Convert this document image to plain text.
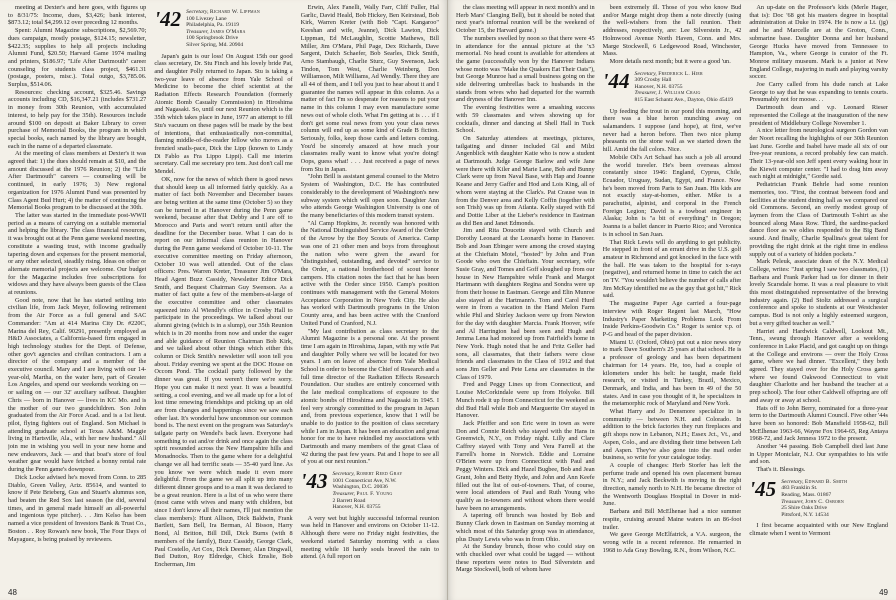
meeting at Dexter's and here goes, with figures up to 8/31/75: Income, dues, $3,426; bank interest, $873.12; total $4,299.12 over preceding 12 months.

Spent: Alumni Magazine subscriptions, $2,569.70; dues campaign, mostly postage, $124.15; newsletter, $422.35; supplies to help all projects including Alumni Fund, $20.50; Harvard Game 1974 mailing and printers, $186.97; "Life After Dartmouth" career counseling for students class project, $461.31 (postage, posters, misc.). Total outgo, $3,785.06. Surplus, $514.06.

Resources: checking account, $325.46. Savings accounts including CD, $16,347.21 (includes $731.27 in money from 30th Reunion, with accumulated interest, to help pay for the 35th). Resources include around $100 on deposit at Baker Library to cover purchase of Memorial Books, the program in which special books, each named by the library are bought, each in the name of a departed classmate.

At the meeting of class members at Dexter's it was agreed that: 1) the dues should remain at $10, and the amount discussed at the 1976 Reunion; 2) the "Life After Dartmouth" careers — counseling will be continued, in early 1976; 3) New regional organization for 1976 Alumni Fund was presented by Class Agent Bud Hurt; 4) the matter of continuing the Memorial Books program to be discussed at the 30th.

The latter was started in the immediate post-WWII period as a means of carrying on a suitable memorial and helping the library. The class financial resources, it was brought out at the Penn game weekend meeting, constitute a wasting trust, with income gradually tapering down and expenses for the present memorial, or any other selected, steadily rising. Ideas on other or alternate memorial projects are welcome. Our budget for the Magazine includes free subscriptions for widows and they have always been guests of the Class at reunions.

Good note, now that he has started settling into civilian life, from Jack Meyer, following retirement from the Air Force as a full general and SAC Commander: "Am at 414 Marina City Dr. #220C, Marina del Rey, Calif. 90291, presently employed as H&D Associates, a California-based firm engaged in high technology studies for the Dept. of Defense, other gov't agencies and civilian contractors. I am a director of the company and a member of the executive council. Mary and I are living with our 14-year-old, Martha, on the water here, part of Greater Los Angeles, and spend our weekends working on — or sailing on — our 32' auxiliary sailboat. Daughter Chris — born in Hanover — lives in KC Mo. and is the mother of our two grandchildren. Son John graduated from the Air Force Acad. and is a 1st lieut. pilot, flying fighters out of England. Son Michael is attending graduate school at Texas A&M. Maggie living in Hartsville, Ala., with her new husband." All join me in wishing you well in your new home and new endeavors, Jack — and that boat's store of foul weather gear would have fetched a bonny rental rate during the Penn game's downpour.

Dick Locke advised he's moved from Conn. to 285 Diablo, Green Valley, Ariz. 85614, and wanted to know if Pete Brieberg, Gus and Stuart's alumnus son, had beaten the Red Sox last season (he did, several times, and in general made himself an all-powerful and ingenious type pitcher). . . Jim Kelso has been named a vice president of Investors Bank & Trust Co., Boston . . Roy Rowan's new book, The Four Days of Mayaguez, is being praised by reviewers.

'42 Secretary, Richard W. Lippman
100 Livezey Lane
Philadelphia, Pa. 19119
Treasurer, James O'Mara
100 Springbrook Drive
Silver Spring, Md. 20904

Japan's gain is our loss! On August 15th our good class secretary, Dr. Stu Finch and his lovely bride Pat, and daughter Polly returned to Japan. Stu is taking a two-year leave of absence from Yale School of Medicine to become the chief scientist at the Radiation Effects Research Foundation (formerly Atomic Bomb Casualty Commission) in Hiroshima and Nagasaki. So, until our next Reunion which is the 35th which takes place in June, 1977 an attempt to fill Stu's vacuum on these pages will be made by the best of intentions, that enthusiastically non-committal, flaming middle-of-the-reader fellow who moves as a frenzied snails-pace, Dick the Lipp (known to Lindy Di Fablo as Fra Lippo Lippi). Call me interim secretary. Call me secretary pro tem. Just don't call me Mendel.

OK, now for the news of which there is good news that should keep us all informed fairly quickly. As a matter of fact both November and December issues are being written at the same time (October 5) so they can be turned in at Hanover during the Penn game weekend, because after that Debby and I are off to Morocco and Paris and won't return until after the deadline for the December issue. What I can do is report on our informal class reunion in Hanover during the Penn game weekend of October 10-11. The executive committee meeting on Friday afternoon, October 10 was well attended. Out of the class officers: Pres. Warren Kreter, Treasurer Jim O'Mara, Head Agent Buzz Cassidy, Newsletter Editor Dick Smith, and Bequest Chairman Guy Swenson. As a matter of fact quite a few of the members-at-large of the executive committee and other classmates squeezed into Al Wiendly's office in Crosby Hall to participate in the proceedings. We talked about our alumni giving (which is in a slump), our 35th Reunion which is in 20 months from now and under the eager and able guidance of Reunion Chairman Bob Kirk, and we talked about other things which either this column or Dick Smith's newsletter will soon tell you about. Friday evening we spent at the DOC House on Occom Pond. The cocktail party followed by the dinner was great. If you weren't there we're sorry. Hope you can make it next year. It was a beautiful setting, a cool evening, and we all made up for a lot of lost time renewing friendships and picking up an old are from changes and happenings since we saw each other last. It's wonderful how uncommon our common bond is. The next event on the program was Saturday's tailgate party on Wendel's back lawn. Everyone had something to eat and/or drink and once again the class spirit resounded across the New Hampshire hills and Monadnocks. Then to the game where for a delightful change we all had terrific seats — 35-40 yard line. As you know we were which made it even more delightful. From the game we all split up into many different dinner groups and to a man it was declared to be a great reunion. Here is a list of us who were there (most came with wives and many with children, but since I don't know all their names, I'll just mention the class members): Hunt Allison, Dick Baldwin, Frank Bartlett, Sam Bell, Ira Berman, Al Bisson, Harry Bond, Al Britton, Bill Dill, Dick Burns (with 8 members of the family), Buzz Cassidy, George Clark, Paul Costello, Art Cox, Dick Deemer, Alan Dingwall, Bud Dutton, Roy Eldredge, Chick Emslie, Bob Encherman, Jim

Erwin, Alex Fanelli, Wally Farr, Cliff Fuller, Hal Garlic, David Heald, Bob Hickey, Ben Keirstead, Bob Kirk, Warren Kreter (with Bob "Capt. Kangaroo" Keeshan and wife, Jeanne), Dick Lawton, Dick Lippman, Ed McLaughlin, Scottie Mathews, Bill Miller, Jim O'Mara, Phil Page, Dex Richards, Dave Sargent, Dutch Schaefer, Bob Searles, Dick Smith, Arno Stambaugh, Charlie Sturz, Guy Swenson, Jack Tindon, Tom West, Charlie Weinberg, Don Williamson, Milt Williams, Ad Wendly. There they are all 44 of them, and I tell you just to hear about it and I guarantee the names will appear in this column. As a matter of fact I'm so desperate for reasons to put your name in this column I may even manufacture some news out of whole cloth. What I'm getting at is . . . if I don't get some real news from you your class news column will end up as some kind of Grade B fiction. Seriously, folks, keep those cards and letters coming. You'd be sincerely amazed at how much your classmates really want to know what you're doing! Oops, guess what! . . . Just received a page of news from Stu in Japan.

"John Brill is assistant general counsel to the Metro System of Washington, D.C. He has contributed considerably to the development of Washington's new subway system which will open soon. Daughter Ann who attends George Washington University is one of the many beneficiaries of this modern transit system.

"Al Camp Hopkins, Jr. recently was honored with the National Distinguished Service Award of the Order of the Arrow by the Boy Scouts of America. Camp was one of 21 other men and boys from throughout the nation who were given the award for "distinguished, outstanding, and devoted" service to the Order, a national brotherhood of scout honor campers. His citation notes the fact that he has been active with the Order since 1950. Camp's position continues with management with the General Motors Acceptance Corporation in New York City. He also has worked with Dartmouth programs in the Union County area, and has been active with the Cranford United Fund of Cranford, N.J.

"My last contribution as class secretary to the Alumni Magazine is a personal one. At the present time I am again in Hiroshima, Japan, with my wife Pat and daughter Polly where we will be located for two years. I am on leave of absence from Yale Medical School in order to become the Chief of Research and a full time director of the Radiation Effects Research Foundation. Our studies are entirely concerned with the late medical complications of exposure to the atomic bombs of Hiroshima and Nagasaki in 1945. I feel very strongly committed to the program in Japan and, from previous experience, know that I will be unable to do justice to the position of class secretary while I am in Japan. It has been an education and great honor for me to have rekindled my associations with Dartmouth and many members of the great Class of '42 during the past few years. Pat and I hope to see all of you at our next reunion."

'43 Secretary, Robert Reed Gray
1001 Connecticut Ave, N.W.
Washington, D.C. 20036
Treasurer, Paul F. Young
2 Barrett Road
Hanover, N.H. 03755

A very wet but highly successful informal reunion was held in Hanover and environs on October 11-12. Although there were no Friday night festivities, the weekend started Saturday morning with a class meeting while 18 hardy souls braved the rain to attend. (A full report on

48

the class meeting will appear in next month's and in Herb Mars' Clanging Bell), but it should be noted that next year's informal reunion will be the weekend of October 15, the Harvard game.)

The numbers swelled by noon so that there were 45 in attendance for the annual picture at the 'x3 memorial. No head count is available for attendees at the game (successfully won by the Hanover Indians whose motto was "Make the Quakers Eat Their Oats"), but George Munroe had a small business going on the side delivering umbrellas back to husbands in the stands from wives who had departed for the warmth and dryness of the Hanover Inn.

The evening festivities were a smashing success with 59 classmates and wives showing up for cocktails, dinner and dancing at Shell Hall in Tuck School.

On Saturday attendees at meetings, pictures, tailgating and dinner included Gil and Milzi Angenblick with daughter Katie who is now a student at Dartmouth. Judge George Barlow and wife Jane were there with Kiler and Marie Lane, Bob and Bunny Clark were up from Naval Base, with Hap and Joanne Keane and Jerry Gaffer and Hod and Lois King, all of whom were staying at the Clark's. Pat Crause was in from the Denver area and Kelly Coffin (together with son Trish) was up from Atlanta. Kelly stayed with Ed and Dottie Liber at the Lieber's residence in Eastman as did Ben and Janet Edmonds.

Jim and Rita Doucette stayed with Church and Dorothy Leonard at the Leonard's home in Hanover. Bob and Joan Ebinger were among the crowd staying at the Chieftain Motel, "hosted" by John and Fran Goode who own the Chieftain. Your secretary, wife Susie Gray, and Tomes and Goff sloughed up from our house in New Hampshire while Frank and Margot Hartmann with daughters Regina and Sondra were up from their house in Eastman. George and Elin Munroe also stayed at the Hartmann's. Tom and Carol Hurd were in from a vacation in the Hand Melon Farm while Phil and Shirley Jackson were up from Newton for the day with daughter Marcia. Frank Hoover, wife and Al Harrington had been seen and Hugh and Jemma Lena had motored up from Fairfield's home in New York. Hugh noted that he and Fritz Geller had sons, all classmates, that their fathers were close friends and classmates in the Class of 1912 and that sons Jim Geller and Pete Lena are classmates in the Class of 1979.

Fred and Peggy Lines up from Connecticut, and Louise McCorkindale were up from Holyoke. Bill Munch rode it up from Connecticut for the weekend as did Bud Hall while Bob and Marguerite Orr stayed in Hanover.

Jack Pfeiffer and son Eric were in town as were Don and Connie Reich who stayed with the Hans in Greenwich, N.Y., on Friday night. Lilly and Clare Caffrey stayed with Tony and Vera Farrell at the Farrell's home in Norwich. Eddie and Lorraine O'Brien were up from Connecticut with Paul and Peggy Winters. Dick and Hazel Bugbee, Bob and Jean Grant, John and Betty Hyde, and John and Ann Keefe filled out the list of out-of-towners. That, of course, were local attendees of Paul and Ruth Young who qualify as in-towners and without whom there would have been no arrangements.

A tapering off brunch was hosted by Bob and Bunny Clark down in Eastman on Sunday morning at which most of this Saturday group was in attendance, plus Dusty Lewis who was in from Ohio.

At the Sunday brunch, those who could stay on with chuckled over what could be tagged — without these reporters were notes to Bud Silverstein and Marge Stockwell, both of whom have

been extremely ill. Those of you who know Bud and/or Marge might drop them a note directly (using the well-wishers from the fall reunion. Their addresses, respectively, are: Lee Silverstein Jr., 42 Holmwood Avenue North Haven, Conn. and Mrs. Marge Stockwell, 6 Ledgewood Road, Winchester, Mass.

More details next month; but it were a good 'un.

'44 Secretary, Frederick L. Hier
309 Crosby Hall
Hanover, N.H. 03755
Treasurer, J. William Craig
815 East Schantz Ave., Dayton, Ohio 45419

Up feeding the trout in our pond this morning, and there was a blue heron munching away on salamanders. I suppose (and hope), at first, we've never had a heron before. Then two nice plump pheasants on the stone wall as we started down the hill. Amid the fall colors. Nice.

Mobile Oil's Art Schaaf has such a job all around the world traveler. He's been overseas almost constantly since 1946: England, Cyprus, Chile, Ecuador, Uruguay, Sudan, Egypt, and France. Now he's been moved from Paris to San Juan. His kids are not exactly stay-at-homes, either. Mike is a parachutist, alpinist, and corporal in the French Foreign Legion; David is a towboat engineer in Alaska; John is "a bit of everything" in Oregon; Joanna is a ballet dancer in Puerto Rico; and Veronica is in school in San Juan.

That Rick Lewis will do anything to get publicity. He stepped in front of an errant drive in the U.S. golf amateur in Richmond and got knocked in the face with the ball. He was taken to the hospital for x-rays (negative), and returned home in time to catch the act on TV. "You wouldn't believe the number of calls after Jim McKay identified me as the guy that got hit," Rick said.

The magazine Paper Age carried a four-page interview with Roger Regent last March, "How Industry's Paper Marketing Problems Look From Inside Perkins-Goodwin Co." Roger is senior v.p. of P-G and head of the paper division.

Miami U. (Oxford, Ohio) put out a nice news story to mark Dave Southern's 25 years at that school. He is a professor of geology and has been department chairman for 14 years. He, too, had a couple of kilometers under his belt: he taught, made field research, or visited in Turkey, Brazil, Mexico, Denmark, and India, and has been in 49 of the 50 states. And in case you thought of it, he specializes in the metamorphic rock of Maryland and New York.

What Harry and Jo Densmore specialize in is community — between N.H. and Colorado. In addition to the brick factories they run fireplaces and gift shops now in Lebanon, N.H.; Essex Jct., Vt., and Aspen, Colo., and are dividing their time between Leb and Aspen. They've also gone into the mail order business, so write for your catalogue today.

A couple of changes: Herb Storfer has left the perfume trade and opened his own placement bureau in N.Y.; and Jack Beckwith is moving in the right direction, namely north to N.H. He became director of the Wentworth Douglass Hospital in Dover in mid-June.

Barbara and Bill McElhenae had a nice summer respite, cruising around Maine waters in an 86-foot trailer.

We gave George McElfatrick, a V.A. surgeon, the wrong wife in a recent reference. He remarried in 1968 to Ada Gray Bowling, R.N., from Wilson, N.C.

An up-date on the Professor's kids (Merle Hager, that is): Doc '68 got his masters degree in hospital administration at Duke in 1974. He is now a Lt. (jg) and he and Marcelle are at the Groton, Conn., submarine base. Daughter Donna and her husband George Hucks have moved from Tennessee to Hampton, Va., where George is curator of the Ft. Monroe military museum. Mark is a junior at New England College, majoring in math and playing varsity soccer.

Joe Carry called from his dude ranch at Lake George to say that he was expanding to tennis courts. Presumably not for moose. . .

Dartmouth dean and v.p. Leonard Rieser represented the College at the inauguration of the new president of Middlebury College November 1.

A nice letter from neurological surgeon Gordon van der Noort recalling the highlights of our 30th Reunion last June. Gordie and Isabel have made all six of our five-year reunions, a record probably few can match. Their 13-year-old son Jeff spent every waking hour in the Kiewit computer center. "I had to drag him away each night at midnight," Gordie said.

Pediatrician Frank Behrle had some reunion memories, too. "First, the contrast between food and facilities at the student dining hall as we compared our old Commons. Second, an overly modest group of laymen from the Class of Dartmouth T-shirt as she bounced along Mass Row. Third, the sardine-packed dance floor as we oldies responded to the Big Band sound. And finally, Charlie Spallina's great talent for providing the right drink at the right time in endless supply out of a variety of hidden pockets."

Mark Peleuk, associate dean of the N.Y. Medical College, writes: "Just spring I saw two classmates, (1) Barbara and Frank Parker had us for dinner in their lovely Scarsdale home. It was a real pleasure to visit this most distinguished representative of the brewing industry again. (2) Bud Stoltz addressed a surgical conference and spoke to students at our Westchester campus. Bud is not only a highly esteemed surgeon, but a very gifted teacher as well."

Harriet and Hardwick Caldwell, Lookout Mt., Tenn., swung through Hanover after a weeklong conference in Lake Placid, and got caught up on things at the College and environs — over the Holy Cross game, where we had dinner. "Excellent," they both agreed. They stayed over for the Holy Cross game where we found Oakwood Connecticut to visit daughter Charlotte and her husband the teacher at a prep school). The four other Caldwell offspring are off and away or away at school.

Hats off to John Berry, nominated for a three-year term to the Dartmouth Alumni Council. Five other '44s have been so honored: Bob Mansfield 1958-62, Bill McElhenae 1963-66, Wayne Fox 1964-65, Reg Antaya 1968-72, and Jack Jenness 1972 to the present.

Another '44 passing. Bob Campbell died last June in Upper Montclair, N.J. Our sympathies to his wife and son.

That's it. Blessings.

'45 Secretary, Edward B. Smith
483 Franklin St.
Reading, Mass. 01867
Treasurer, John C. Osborn
25 Shire Oaks Drive
Pittsford, N.Y. 14534

I first became acquainted with our New England climate when I went to Vermont

49
